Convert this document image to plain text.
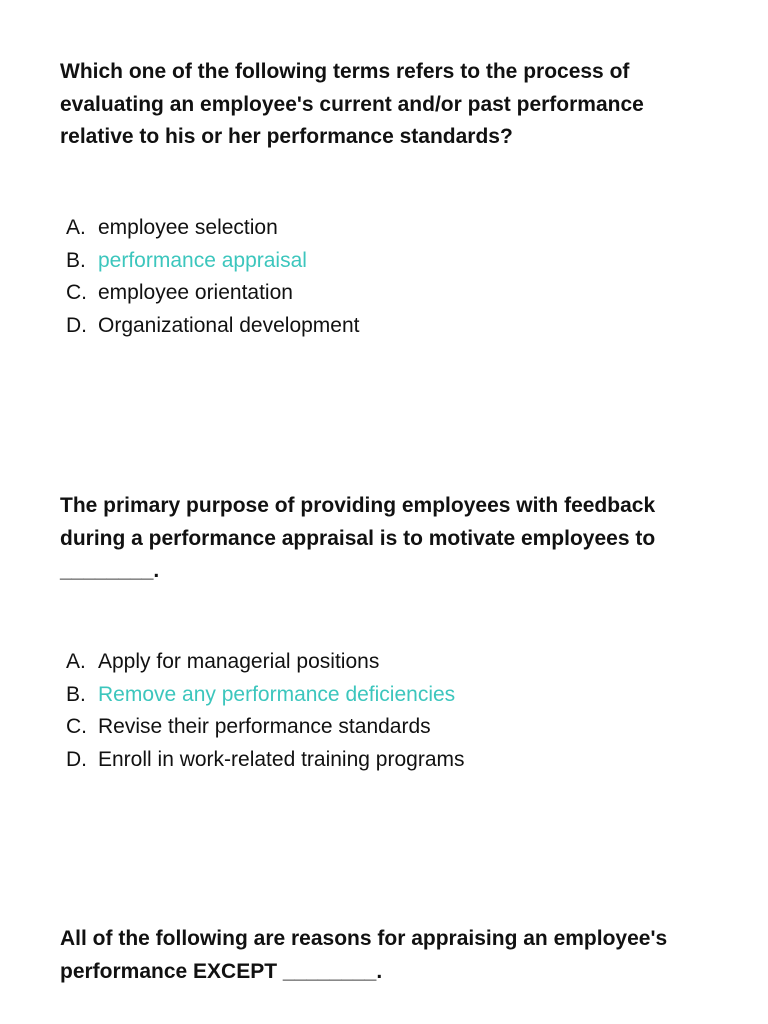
Which one of the following terms refers to the process of evaluating an employee's current and/or past performance relative to his or her performance standards?
A. employee selection
B. performance appraisal
C. employee orientation
D. Organizational development
The primary purpose of providing employees with feedback during a performance appraisal is to motivate employees to ________.
A. Apply for managerial positions
B. Remove any performance deficiencies
C. Revise their performance standards
D. Enroll in work-related training programs
All of the following are reasons for appraising an employee's performance EXCEPT ________.
